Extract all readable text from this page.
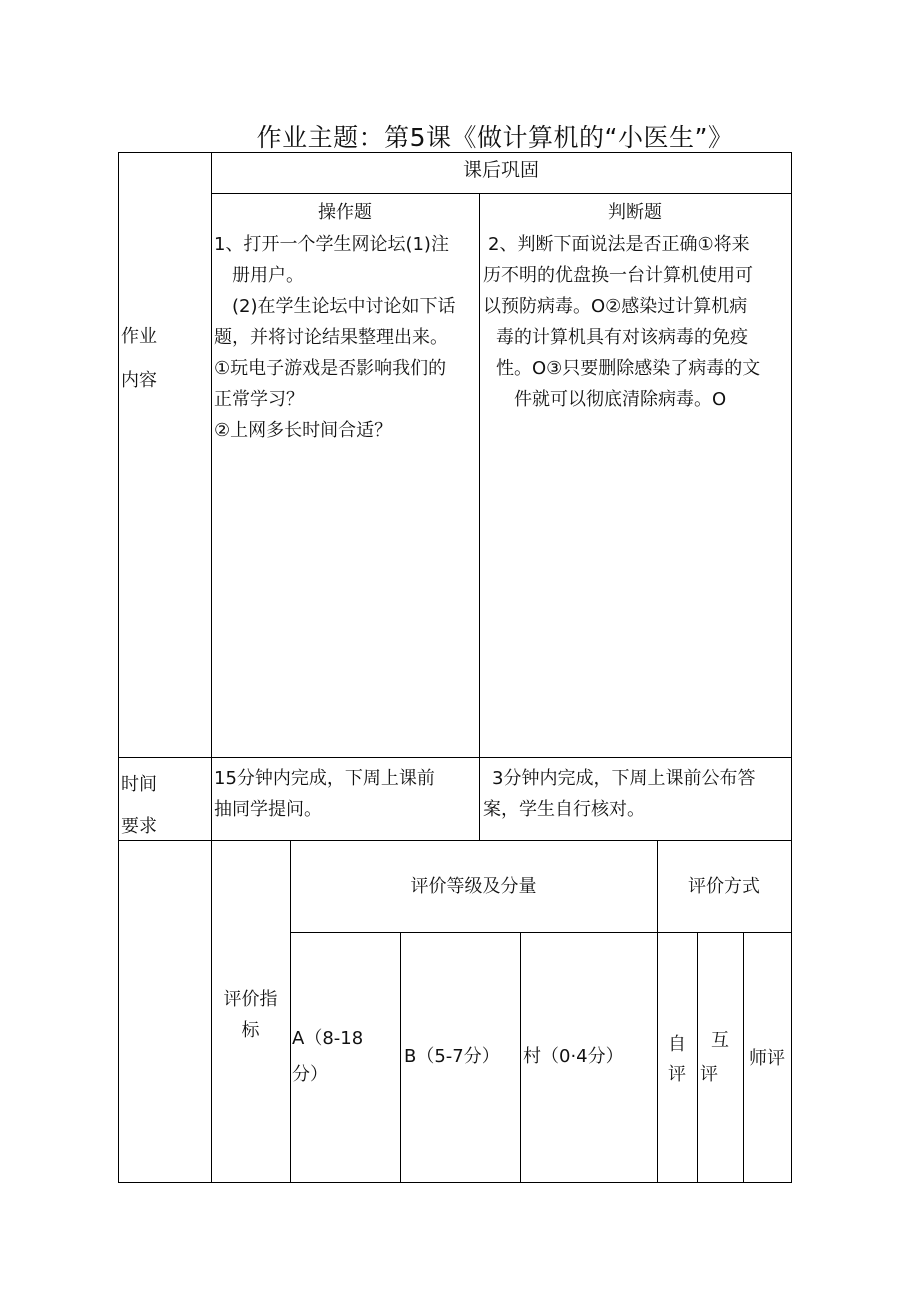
作业主题：第5课《做计算机的“小医生”》
课后巩固
作业
内容
时间
要求
操作题
1、打开一个学生网论坛(1)注
册用户。
(2)在学生论坛中讨论如下话
题，并将讨论结果整理出来。
①玩电子游戏是否影响我们的
正常学习？
②上网多长时间合适？
判断题
2、判断下面说法是否正确①将来
历不明的优盘换一台计算机使用可
以预防病毒。O②感染过计算机病
毒的计算机具有对该病毒的免疫
性。O③只要删除感染了病毒的文
件就可以彻底清除病毒。O
15分钟内完成，下周上课前
抽同学提问。
3分钟内完成，下周上课前公布答
案，学生自行核对。
评价指
标
评价等级及分量	评价方式
A（8-18
分）
B（5-7分） 村（0·4分）
自
评
互
评
师评
